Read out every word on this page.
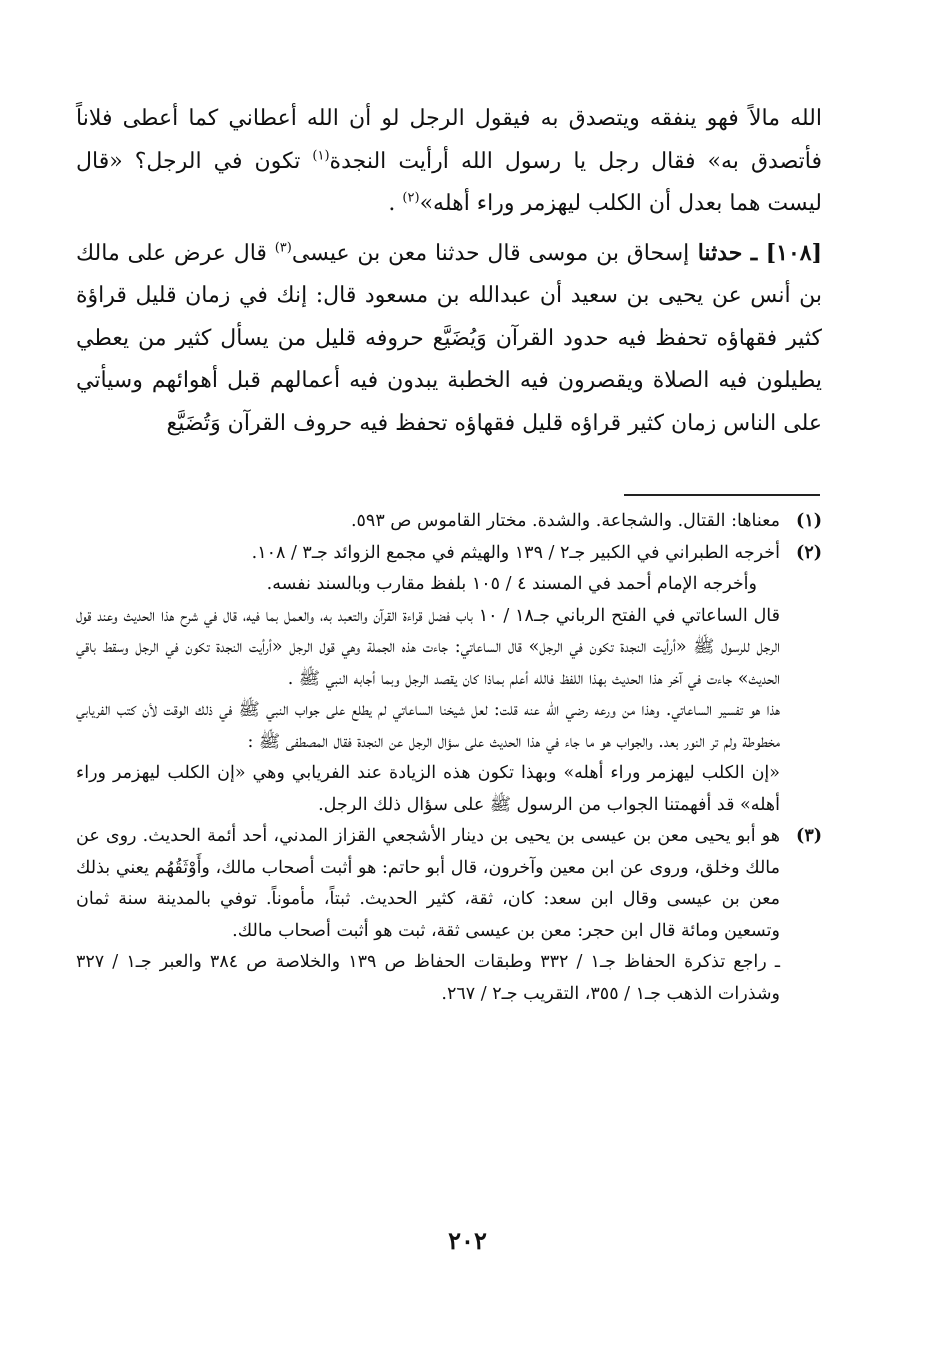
الله مالاً فهو ينفقه ويتصدق به فيقول الرجل لو أن الله أعطاني كما أعطى فلاناً فأتصدق به» فقال رجل يا رسول الله أرأيت النجدة$^{(١)}$ تكون في الرجل؟ «قال ليست هما بعدل أن الكلب ليهزمر وراء أهله»$^{(٢)}$ .

[١٠٨] ـ حدثنا إسحاق بن موسى قال حدثنا معن بن عيسى$^{(٣)}$ قال عرض على مالك بن أنس عن يحيى بن سعيد أن عبدالله بن مسعود قال: إنك في زمان قليل قراؤة كثير فقهاؤه تحفظ فيه حدود القرآن وَيُضَيَّع حروفه قليل من يسأل كثير من يعطي يطيلون فيه الصلاة ويقصرون فيه الخطبة يبدون فيه أعمالهم قبل أهوائهم وسيأتي على الناس زمان كثير قراؤه قليل فقهاؤه تحفظ فيه حروف القرآن وَتُضَيَّع

(١)
معناها: القتال. والشجاعة. والشدة. مختار القاموس ص ٥٩٣.

(٢)
أخرجه الطبراني في الكبير جـ٢ / ١٣٩ والهيثم في مجمع الزوائد جـ٣ / ١٠٨.

وأخرجه الإمام أحمد في المسند ٤ / ١٠٥ بلفظ مقارب وبالسند نفسه.

قال الساعاتي في الفتح الرباني جـ١٨ / ١٠ باب فضل قراءة القرآن والتعبد به، والعمل بما فيه، قال في شرح هذا الحديث وعند قول الرجل للرسول ﷺ «أرأيت النجدة تكون في الرجل» قال الساعاتي: جاءت هذه الجملة وهي قول الرجل «أرأيت النجدة تكون في الرجل وسقط باقي الحديث» جاءت في آخر هذا الحديث بهذا اللفظ فالله أعلم بماذا كان يقصد الرجل وبما أجابه النبي ﷺ .

هذا هو تفسير الساعاتي. وهذا من ورعه رضي الله عنه قلت: لعل شيخنا الساعاتي لم يطلع على جواب النبي ﷺ في ذلك الوقت لأن كتب الفريابي مخطوطة ولم تر النور بعد. والجواب هو ما جاء في هذا الحديث على سؤال الرجل عن النجدة فقال المصطفى ﷺ :

«إن الكلب ليهزمر وراء أهله» وبهذا تكون هذه الزيادة عند الفريابي وهي «إن الكلب ليهزمر وراء أهله» قد أفهمتنا الجواب من الرسول ﷺ على سؤال ذلك الرجل.

(٣)
هو أبو يحيى معن بن عيسى بن يحيى بن دينار الأشجعي القزاز المدني، أحد أئمة الحديث. روى عن مالك وخلق، وروى عن ابن معين وآخرون، قال أبو حاتم: هو أثبت أصحاب مالك، وأَوْثَقُهُم يعني بذلك معن بن عيسى وقال ابن سعد: كان، ثقة، كثير الحديث. ثبتاً، مأموناً. توفي بالمدينة سنة ثمان وتسعين ومائة قال ابن حجر: معن بن عيسى ثقة، ثبت هو أثبت أصحاب مالك.

ـ راجع تذكرة الحفاظ جـ١ / ٣٣٢ وطبقات الحفاظ ص ١٣٩ والخلاصة ص ٣٨٤ والعبر جـ١ / ٣٢٧ وشذرات الذهب جـ١ / ٣٥٥، التقريب جـ٢ / ٢٦٧.

٢٠٢
